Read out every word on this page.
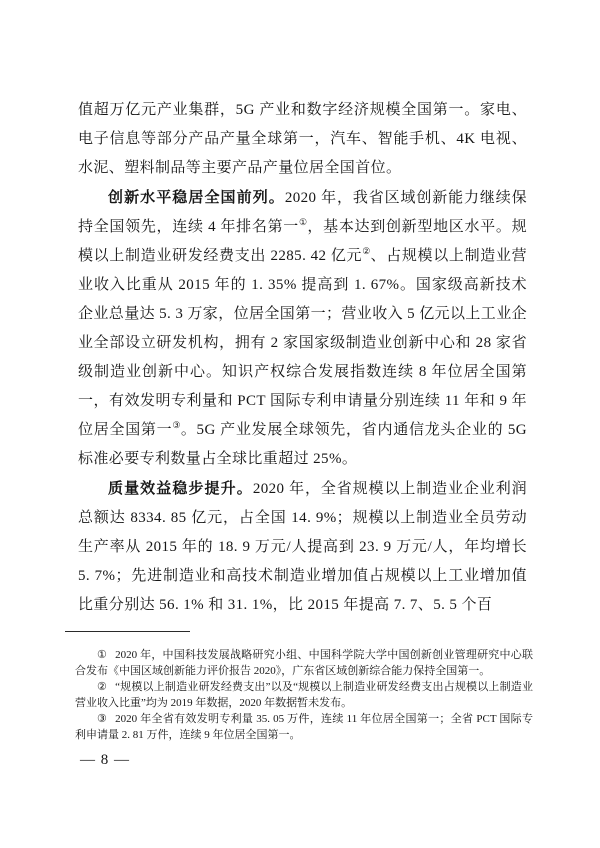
值超万亿元产业集群，5G 产业和数字经济规模全国第一。家电、电子信息等部分产品产量全球第一，汽车、智能手机、4K 电视、水泥、塑料制品等主要产品产量位居全国首位。

创新水平稳居全国前列。2020 年，我省区域创新能力继续保持全国领先，连续 4 年排名第一①，基本达到创新型地区水平。规模以上制造业研发经费支出 2285. 42 亿元②、占规模以上制造业营业收入比重从 2015 年的 1. 35% 提高到 1. 67%。国家级高新技术企业总量达 5. 3 万家，位居全国第一；营业收入 5 亿元以上工业企业全部设立研发机构，拥有 2 家国家级制造业创新中心和 28 家省级制造业创新中心。知识产权综合发展指数连续 8 年位居全国第一，有效发明专利量和 PCT 国际专利申请量分别连续 11 年和 9 年位居全国第一③。5G 产业发展全球领先，省内通信龙头企业的 5G 标准必要专利数量占全球比重超过 25%。

质量效益稳步提升。2020 年，全省规模以上制造业企业利润总额达 8334. 85 亿元，占全国 14. 9%；规模以上制造业全员劳动生产率从 2015 年的 18. 9 万元/人提高到 23. 9 万元/人，年均增长 5. 7%；先进制造业和高技术制造业增加值占规模以上工业增加值比重分别达 56. 1% 和 31. 1%，比 2015 年提高 7. 7、5. 5 个百

① 2020 年，中国科技发展战略研究小组、中国科学院大学中国创新创业管理研究中心联合发布《中国区域创新能力评价报告 2020》，广东省区域创新综合能力保持全国第一。

② “规模以上制造业研发经费支出”以及“规模以上制造业研发经费支出占规模以上制造业营业收入比重”均为 2019 年数据，2020 年数据暂未发布。

③ 2020 年全省有效发明专利量 35. 05 万件，连续 11 年位居全国第一；全省 PCT 国际专利申请量 2. 81 万件，连续 9 年位居全国第一。

— 8 —
